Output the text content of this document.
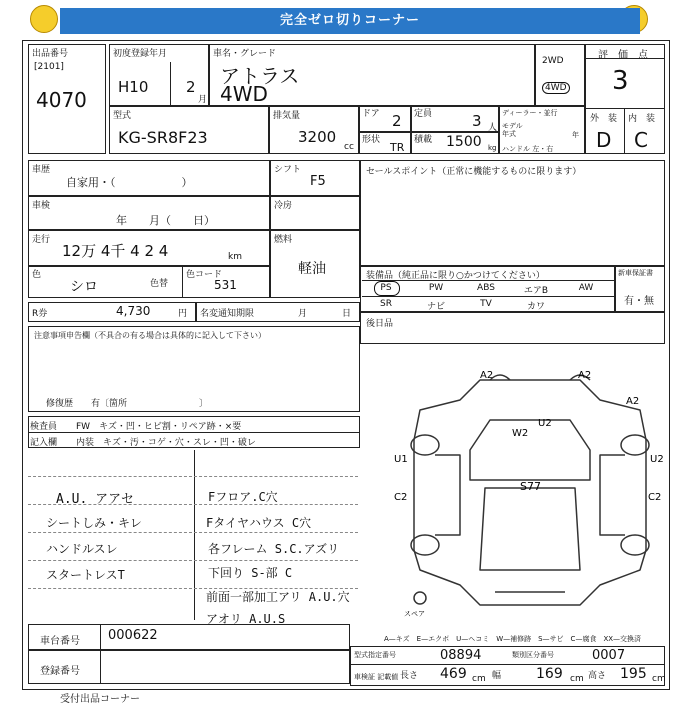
完全ゼロ切りコーナー
出品番号
[2101]
4070
初度登録年月
H10	2
月
車名・グレード
アトラス
4WD
2WD
4WD
評　価　点
3
外　装 内　装
D C
型式
KG-SR8F23
排気量
3200
cc
ドア 2 定員	3 人
ディーラー・並行
モデル
年式	年
ハンドル 左・右
形状
TR
積載 1500 kg
車歴
自家用・（　　　　　　）
シフト
F5
車検
年　　月（　　日）
冷房
走行
12万 4千 4 2 4	km
燃料
軽油
色
シロ	色替
色コード
531
R券	4,730	円 名変通知期限	月	日
注意事項申告欄（不具合の有る場合は具体的に記入して下さい）
修復歴　　有〔箇所　　　　　　　　〕
セールスポイント（正常に機能するものに限ります）
装備品（純正品に限り○かつけてください）
PS	PW	ABS	エアB	AW
SR	ナビ	TV	カワ
新車保証書
有・無
後日品
検査員 FW　キズ・凹・ヒビ割・リペア跡・×要
記入欄 内装　キズ・汚・コゲ・穴・スレ・凹・破レ
A.U. アアセ
シートしみ・キレ
ハンドルスレ
スタートレスT
Fフロア.C穴
Fタイヤハウス C穴
各フレーム S.C.アズリ
下回り S-部 C
前面一部加工アリ A.U.穴
アオリ A.U.S
A2	A2
A2
W2
U2
U2
U1
C2	C2
S77
スペア
車台番号 000622
登録番号
A—キズ　E—エクボ　U—ヘコミ　W—補修跡　S—サビ　C—腐食　XX—交換済
型式指定番号	08894	類別区分番号	0007
車検証 記載値 長さ 469 cm 幅 169 cm 高さ 195 cm
受付出品コーナー
